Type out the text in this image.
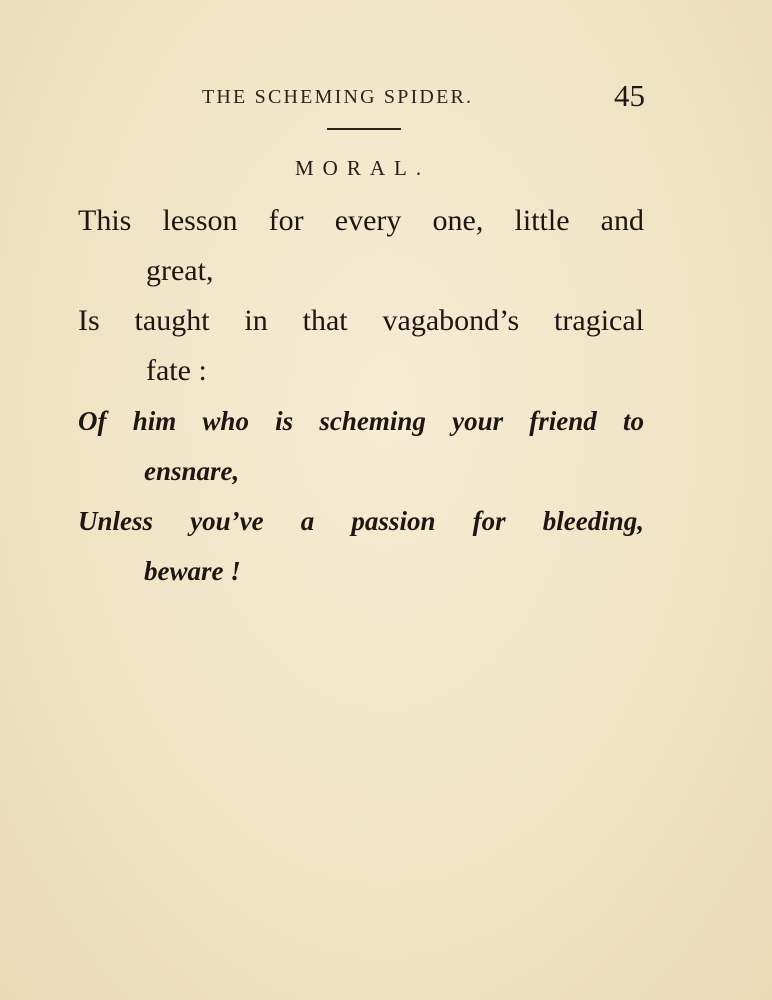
THE SCHEMING SPIDER.	45
MORAL.
This lesson for every one, little and
great,
Is taught in that vagabond’s tragical
fate :
Of him who is scheming your friend to
ensnare,
Unless you’ve a passion for bleeding,
beware !
